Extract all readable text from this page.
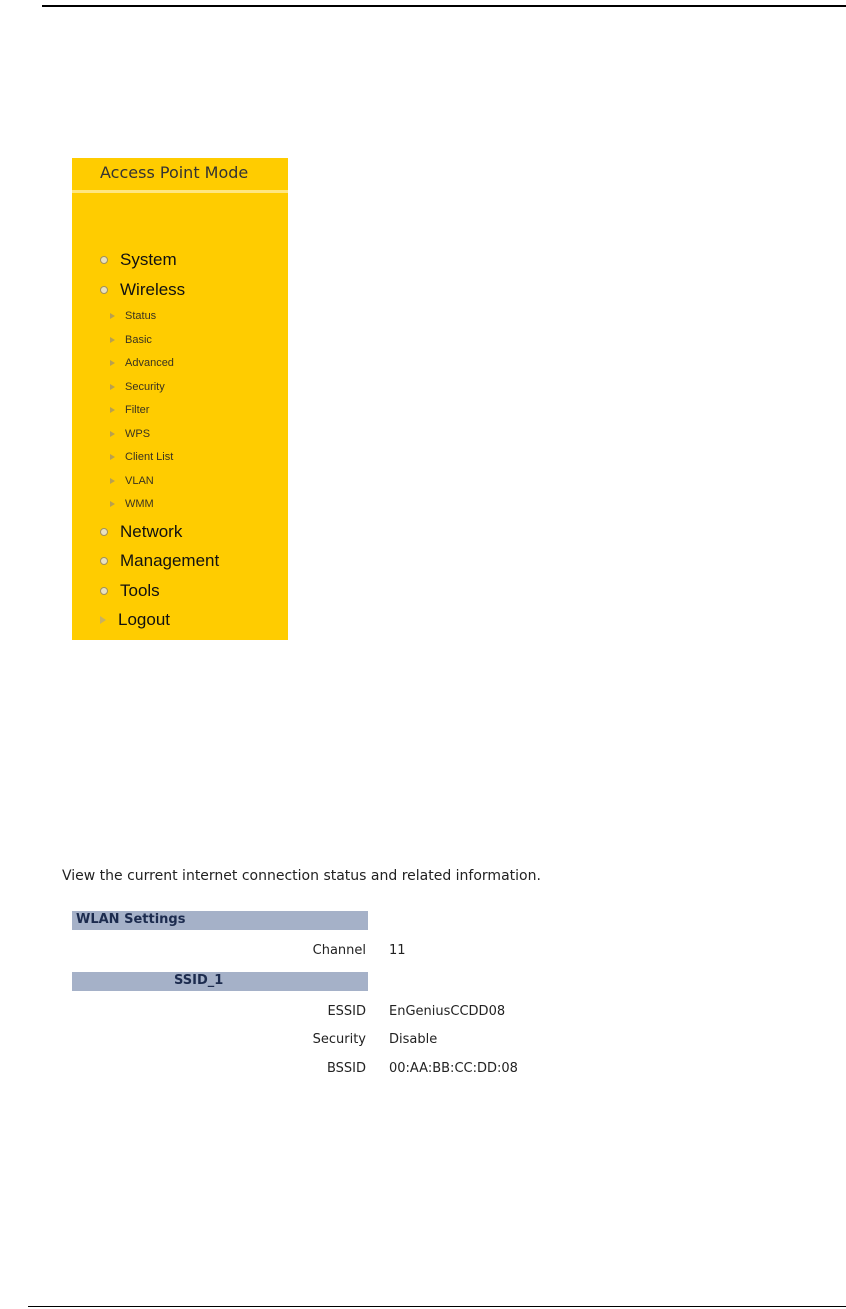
Access Point Mode
System
Wireless
Status
Basic
Advanced
Security
Filter
WPS
Client List
VLAN
WMM
Network
Management
Tools
Logout
View the current internet connection status and related information.
WLAN Settings
Channel 11
SSID_1
ESSID EnGeniusCCDD08
Security Disable
BSSID 00:AA:BB:CC:DD:08
